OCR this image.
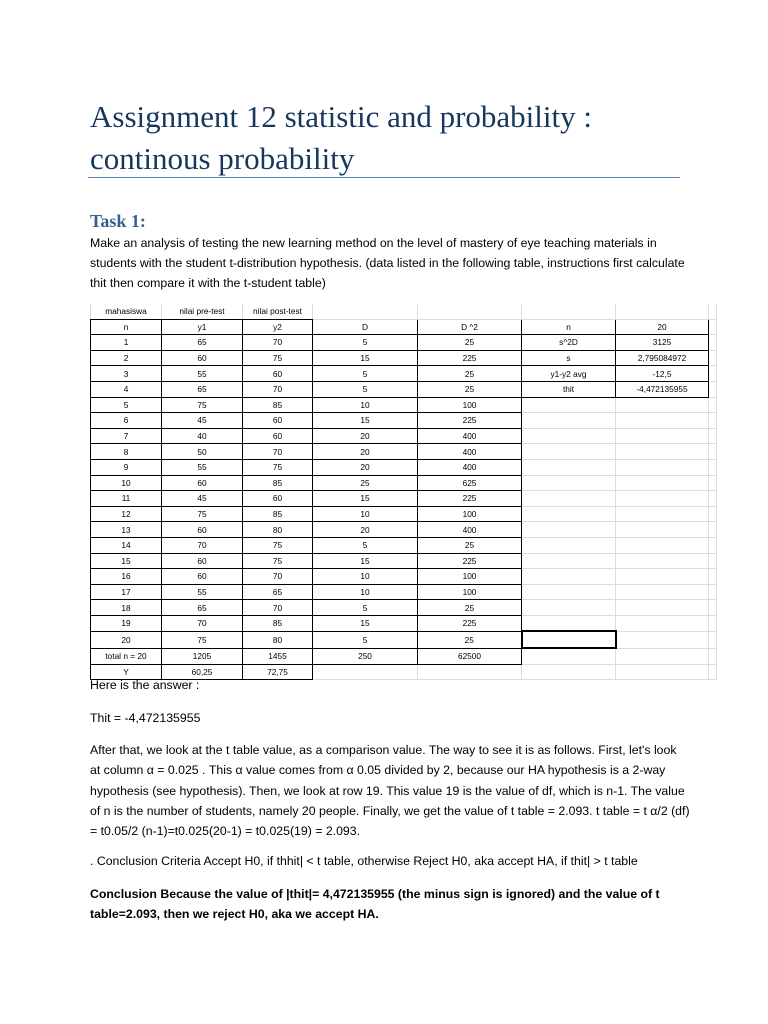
Assignment 12 statistic and probability : continous probability
Task 1:

Make an analysis of testing the new learning method on the level of mastery of eye teaching materials in students with the student t-distribution hypothesis. (data listed in the following table, instructions first calculate thit then compare it with the t-student table)

mahasiswa	nilai pre-test	nilai post-test					
n	y1	y2	D	D ^2	n	20	
1	65	70	5	25	s^2D	3125	
2	60	75	15	225	s	2,795084972	
3	55	60	5	25	y1-y2 avg	-12,5	
4	65	70	5	25	thit	-4,472135955	
5	75	85	10	100			
6	45	60	15	225			
7	40	60	20	400			
8	50	70	20	400			
9	55	75	20	400			
10	60	85	25	625			
11	45	60	15	225			
12	75	85	10	100			
13	60	80	20	400			
14	70	75	5	25			
15	60	75	15	225			
16	60	70	10	100			
17	55	65	10	100			
18	65	70	5	25			
19	70	85	15	225			
20	75	80	5	25			
total n = 20	1205	1455	250	62500			
Y	60,25	72,75					

Here is the answer :

Thit = -4,472135955

After that, we look at the t table value, as a comparison value. The way to see it is as follows. First, let's look at column α = 0.025 . This α value comes from α 0.05 divided by 2, because our HA hypothesis is a 2-way hypothesis (see hypothesis). Then, we look at row 19. This value 19 is the value of df, which is n-1. The value of n is the number of students, namely 20 people. Finally, we get the value of t table = 2.093. t table = t α/2 (df) = t0.05/2 (n-1)=t0.025(20-1) = t0.025(19) = 2.093.

. Conclusion Criteria Accept H0, if thhit| < t table, otherwise Reject H0, aka accept HA, if thit| > t table

Conclusion Because the value of |thit|= 4,472135955 (the minus sign is ignored) and the value of t table=2.093, then we reject H0, aka we accept HA.
